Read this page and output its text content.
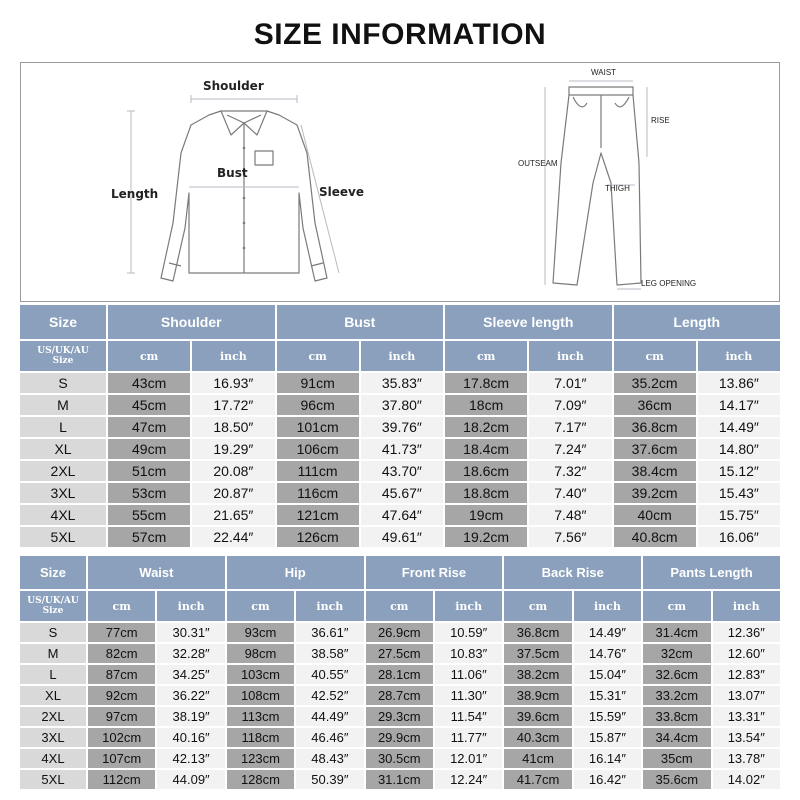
SIZE INFORMATION
Shoulder
Bust
Length	Sleeve
WAIST
RISE
OUTSEAM
THIGH
LEG OPENING
Size	Shoulder		Bust		Sleeve length		Length	

US/UK/AU
Size	cm	inch	cm	inch	cm	inch	cm	inch
S	43cm	16.93″	91cm	35.83″	17.8cm	7.01″	35.2cm	13.86″
M	45cm	17.72″	96cm	37.80″	18cm	7.09″	36cm	14.17″
L	47cm	18.50″	101cm	39.76″	18.2cm	7.17″	36.8cm	14.49″
XL	49cm	19.29″	106cm	41.73″	18.4cm	7.24″	37.6cm	14.80″
2XL	51cm	20.08″	111cm	43.70″	18.6cm	7.32″	38.4cm	15.12″
3XL	53cm	20.87″	116cm	45.67″	18.8cm	7.40″	39.2cm	15.43″
4XL	55cm	21.65″	121cm	47.64″	19cm	7.48″	40cm	15.75″
5XL	57cm	22.44″	126cm	49.61″	19.2cm	7.56″	40.8cm	16.06″
Size	Waist		Hip		Front Rise		Back Rise		Pants Length	

US/UK/AU
Size	cm	inch	cm	inch	cm	inch	cm	inch	cm	inch
S	77cm	30.31″	93cm	36.61″	26.9cm	10.59″	36.8cm	14.49″	31.4cm	12.36″
M	82cm	32.28″	98cm	38.58″	27.5cm	10.83″	37.5cm	14.76″	32cm	12.60″
L	87cm	34.25″	103cm	40.55″	28.1cm	11.06″	38.2cm	15.04″	32.6cm	12.83″
XL	92cm	36.22″	108cm	42.52″	28.7cm	11.30″	38.9cm	15.31″	33.2cm	13.07″
2XL	97cm	38.19″	113cm	44.49″	29.3cm	11.54″	39.6cm	15.59″	33.8cm	13.31″
3XL	102cm	40.16″	118cm	46.46″	29.9cm	11.77″	40.3cm	15.87″	34.4cm	13.54″
4XL	107cm	42.13″	123cm	48.43″	30.5cm	12.01″	41cm	16.14″	35cm	13.78″
5XL	112cm	44.09″	128cm	50.39″	31.1cm	12.24″	41.7cm	16.42″	35.6cm	14.02″
